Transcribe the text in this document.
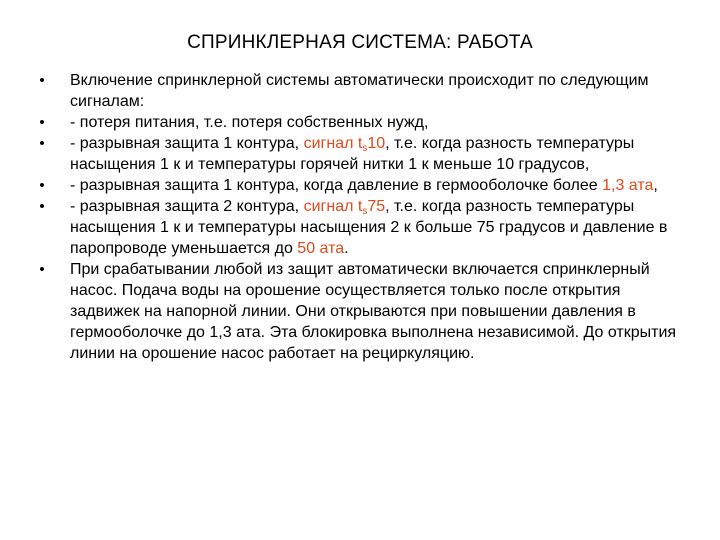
СПРИНКЛЕРНАЯ СИСТЕМА: РАБОТА
• Включение спринклерной системы автоматически происходит по следующим сигналам:
• - потеря питания, т.е. потеря собственных нужд,
• - разрывная защита 1 контура, сигнал $t_s10$, т.е. когда разность температуры насыщения 1 к и температуры горячей нитки 1 к меньше 10 градусов,
• - разрывная защита 1 контура, когда давление в гермооболочке более 1,3 ата,
• - разрывная защита 2 контура, сигнал $t_s75$, т.е. когда разность температуры насыщения 1 к и температуры насыщения 2 к больше 75 градусов и давление в паропроводе уменьшается до 50 ата.
• При срабатывании любой из защит автоматически включается спринклерный насос. Подача воды на орошение осуществляется только после открытия задвижек на напорной линии. Они открываются при повышении давления в гермооболочке до 1,3 ата. Эта блокировка выполнена независимой. До открытия линии на орошение насос работает на рециркуляцию.
